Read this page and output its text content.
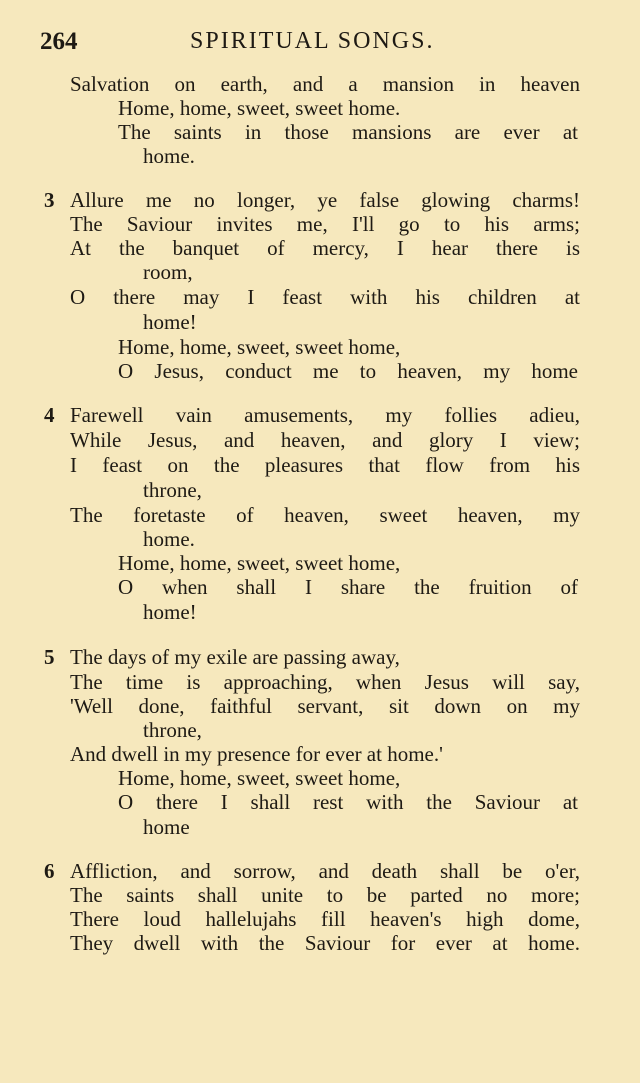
264	SPIRITUAL SONGS.
Salvation on earth, and a mansion in heaven
Home, home, sweet, sweet home.
The saints in those mansions are ever at
home.
3 Allure me no longer, ye false glowing charms!
The Saviour invites me, I'll go to his arms;
At the banquet of mercy, I hear there is
room,
O there may I feast with his children at
home!
Home, home, sweet, sweet home,
O Jesus, conduct me to heaven, my home
4 Farewell vain amusements, my follies adieu,
While Jesus, and heaven, and glory I view;
I feast on the pleasures that flow from his
throne,
The foretaste of heaven, sweet heaven, my
home.
Home, home, sweet, sweet home,
O when shall I share the fruition of
home!
5 The days of my exile are passing away,
The time is approaching, when Jesus will say,
'Well done, faithful servant, sit down on my
throne,
And dwell in my presence for ever at home.'
Home, home, sweet, sweet home,
O there I shall rest with the Saviour at
home
6 Affliction, and sorrow, and death shall be o'er,
The saints shall unite to be parted no more;
There loud hallelujahs fill heaven's high dome,
They dwell with the Saviour for ever at home.
